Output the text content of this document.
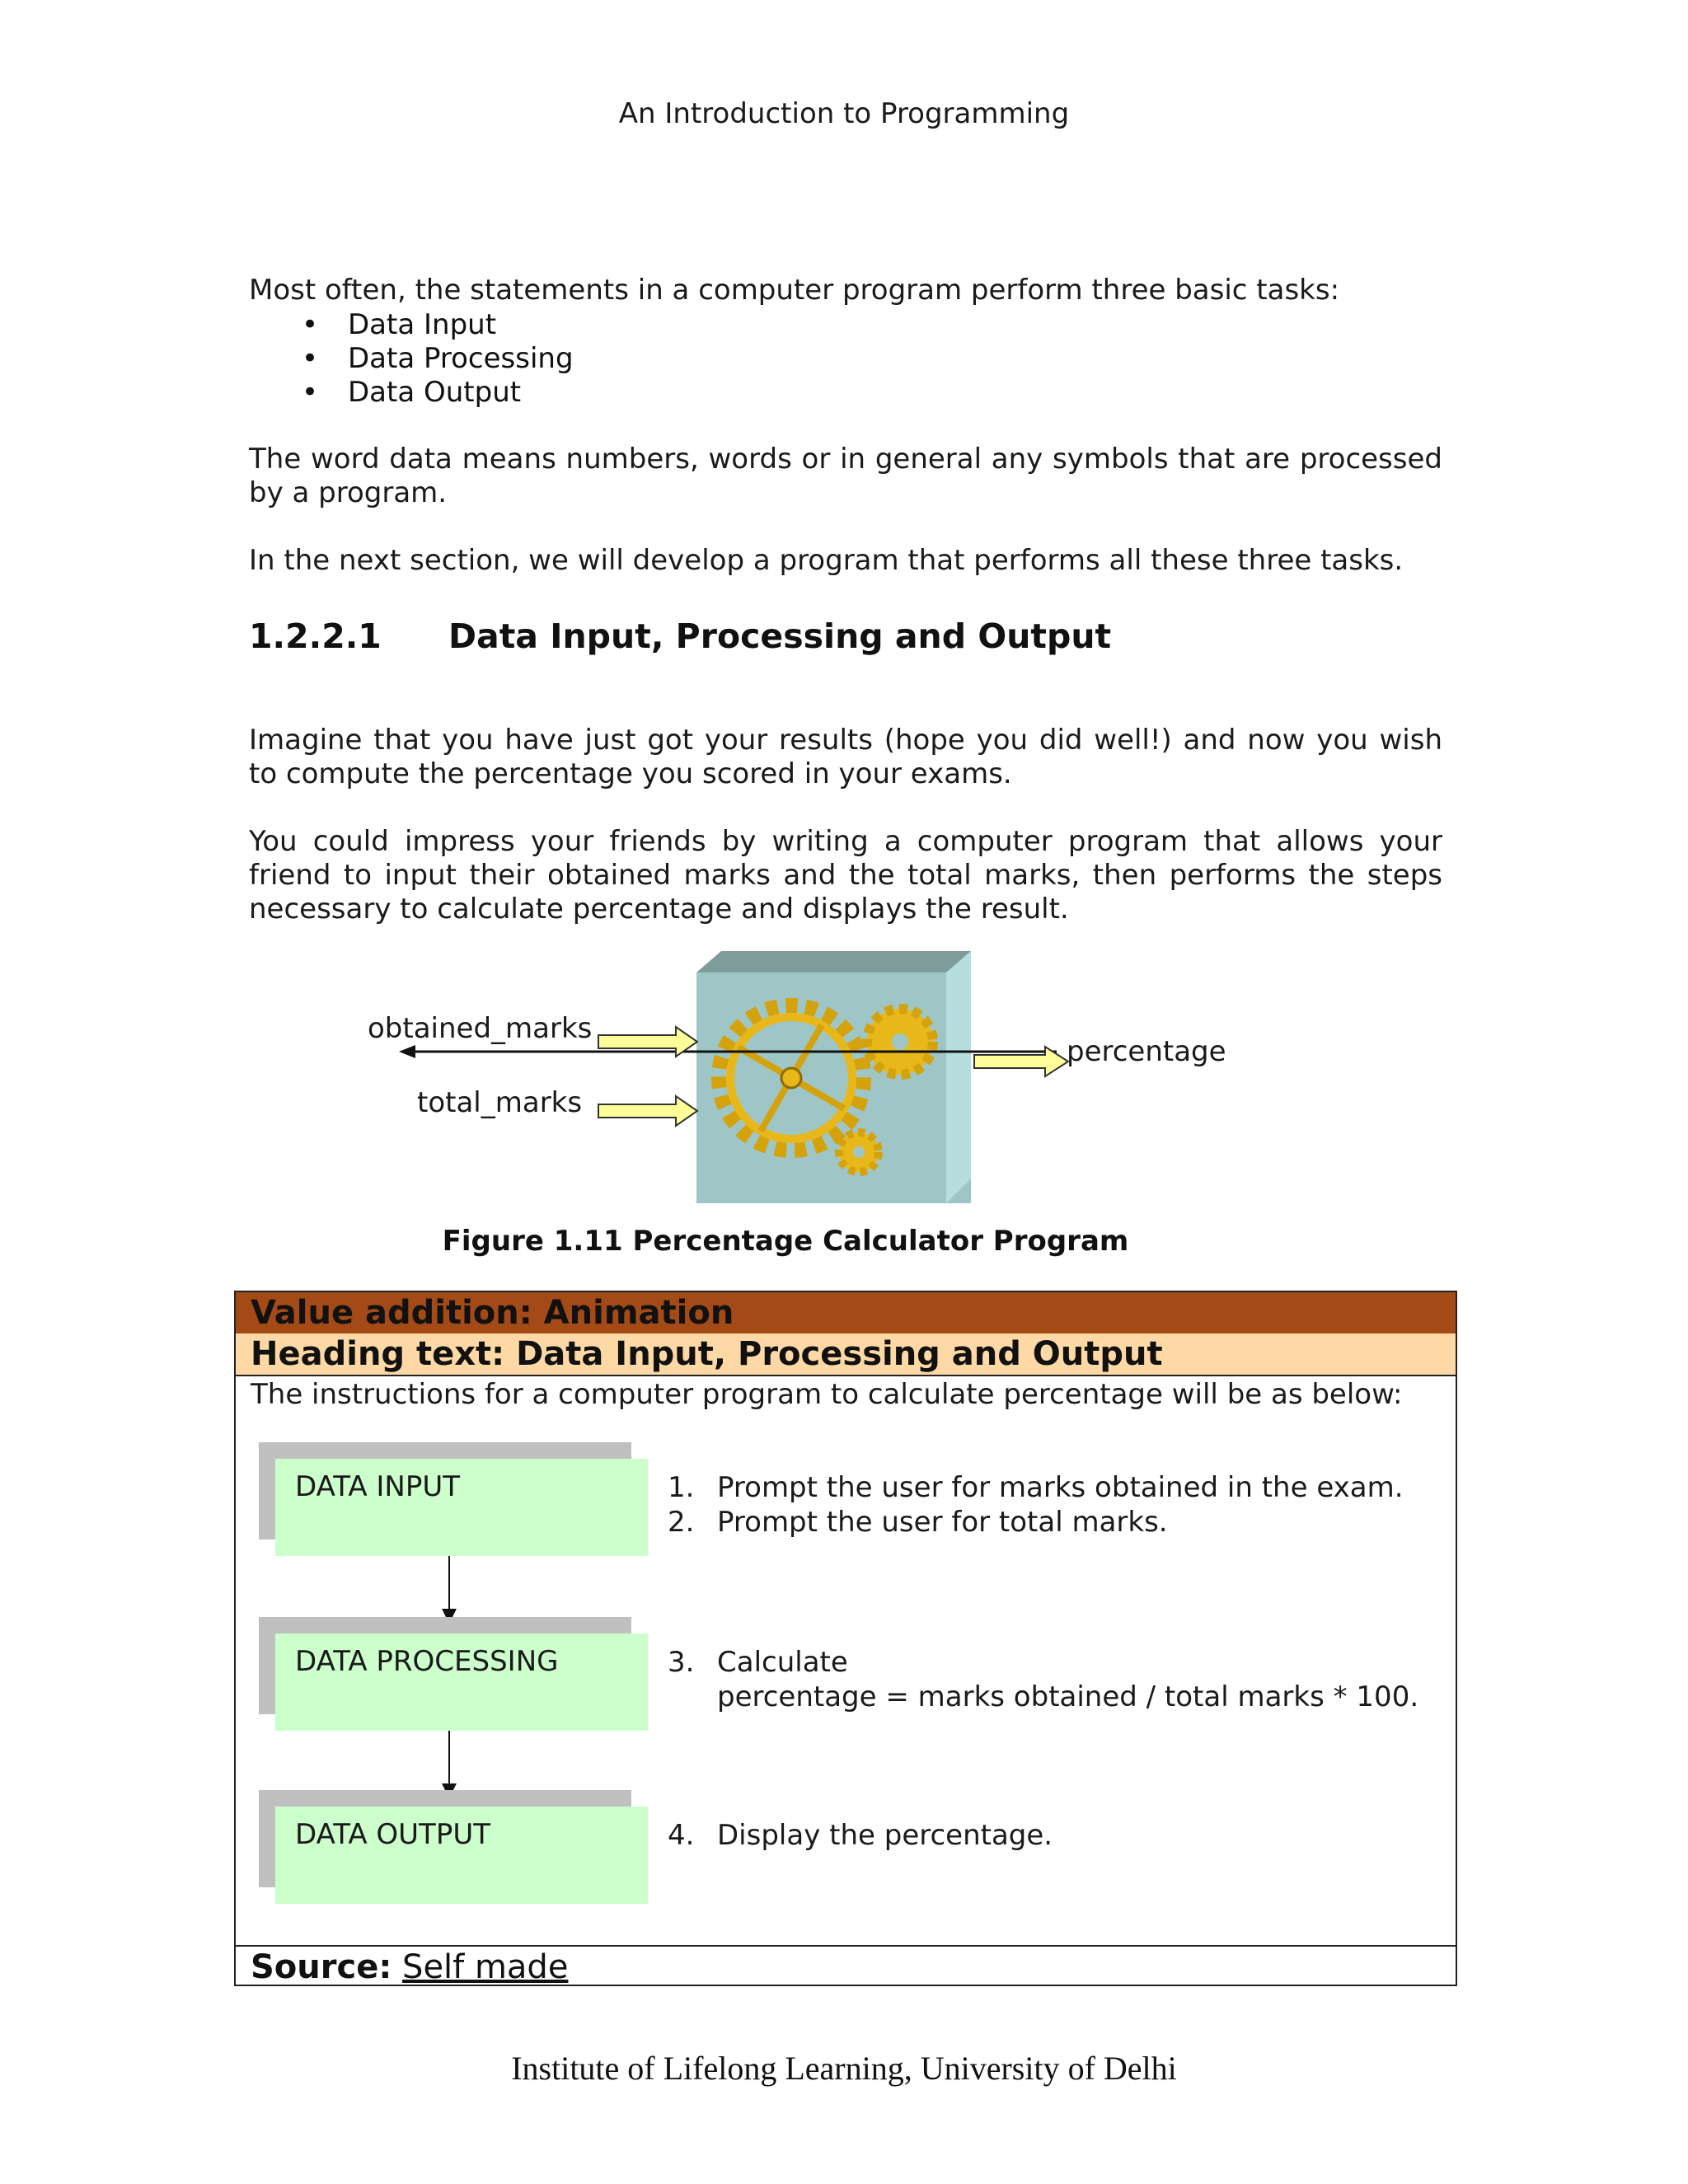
An Introduction to Programming
Most often, the statements in a computer program perform three basic tasks:
• Data Input
• Data Processing
• Data Output
The word data means numbers, words or in general any symbols that are processed by a program.
In the next section, we will develop a program that performs all these three tasks.
1.2.2.1 Data Input, Processing and Output
Imagine that you have just got your results (hope you did well!) and now you wish to compute the percentage you scored in your exams.
You could impress your friends by writing a computer program that allows your friend to input their obtained marks and the total marks, then performs the steps necessary to calculate percentage and displays the result.
obtained_marks
total_marks
percentage
Figure 1.11 Percentage Calculator Program
Value addition: Animation
Heading text: Data Input, Processing and Output
The instructions for a computer program to calculate percentage will be as below:
DATA INPUT
DATA PROCESSING
DATA OUTPUT
1. Prompt the user for marks obtained in the exam.
2. Prompt the user for total marks.
3. Calculate
percentage = marks obtained / total marks * 100.
4. Display the percentage.
Source: Self made
Institute of Lifelong Learning, University of Delhi
